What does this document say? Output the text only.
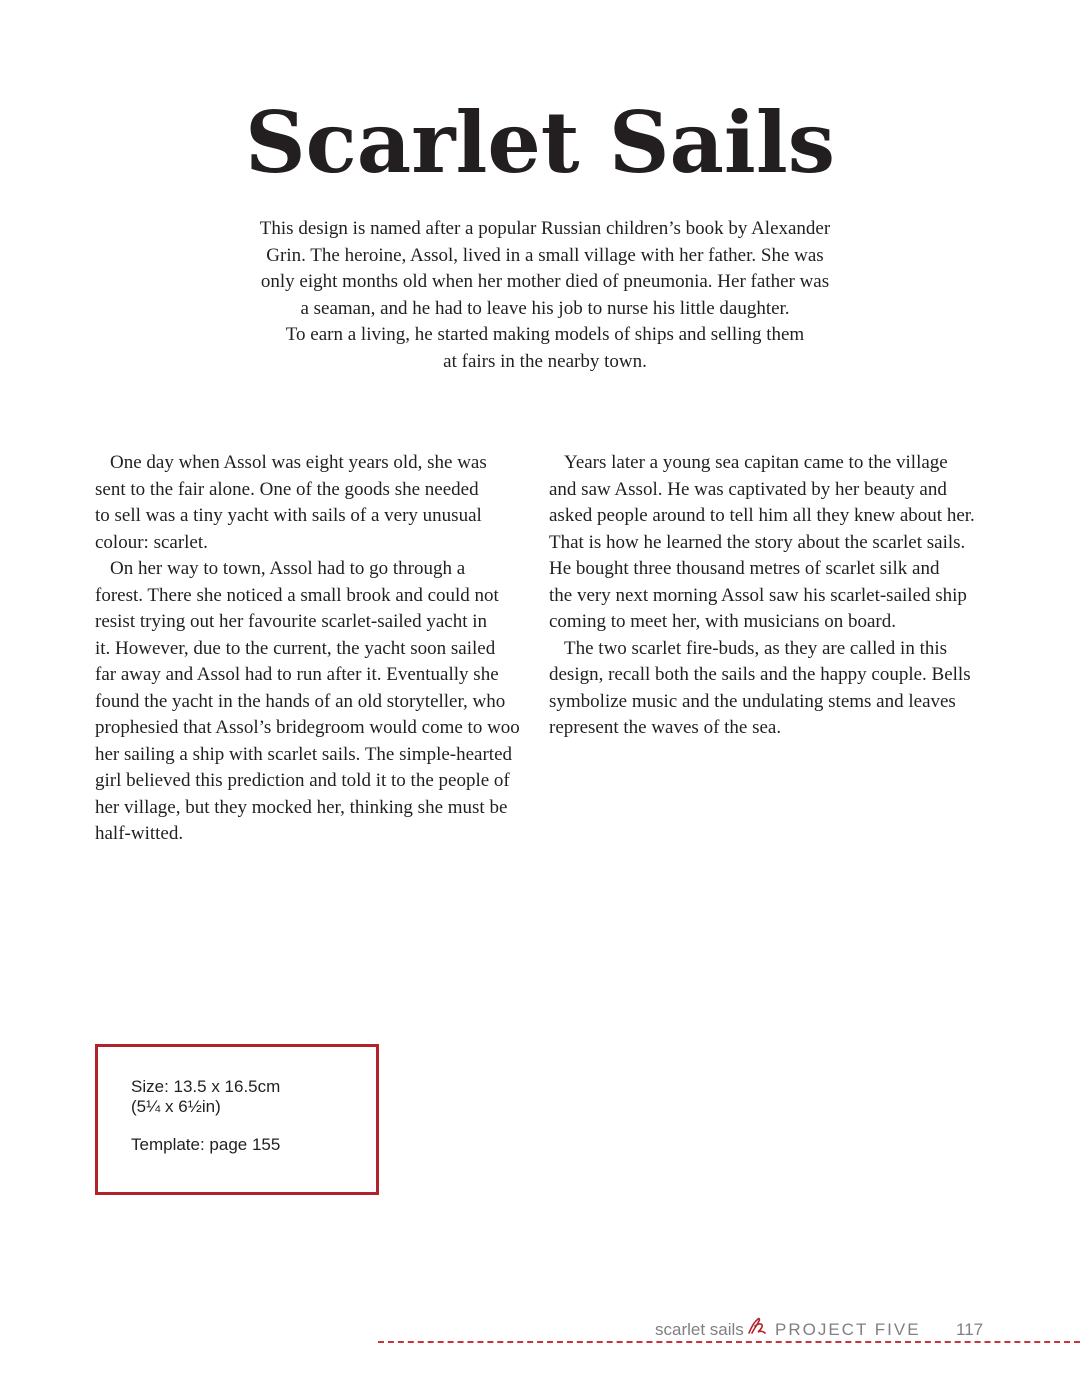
Scarlet Sails
This design is named after a popular Russian children’s book by Alexander
Grin. The heroine, Assol, lived in a small village with her father. She was
only eight months old when her mother died of pneumonia. Her father was
a seaman, and he had to leave his job to nurse his little daughter.
To earn a living, he started making models of ships and selling them
at fairs in the nearby town.
One day when Assol was eight years old, she was
sent to the fair alone. One of the goods she needed
to sell was a tiny yacht with sails of a very unusual
colour: scarlet.
On her way to town, Assol had to go through a
forest. There she noticed a small brook and could not
resist trying out her favourite scarlet-sailed yacht in
it. However, due to the current, the yacht soon sailed
far away and Assol had to run after it. Eventually she
found the yacht in the hands of an old storyteller, who
prophesied that Assol’s bridegroom would come to woo
her sailing a ship with scarlet sails. The simple-hearted
girl believed this prediction and told it to the people of
her village, but they mocked her, thinking she must be
half-witted.
Years later a young sea capitan came to the village
and saw Assol. He was captivated by her beauty and
asked people around to tell him all they knew about her.
That is how he learned the story about the scarlet sails.
He bought three thousand metres of scarlet silk and
the very next morning Assol saw his scarlet-sailed ship
coming to meet her, with musicians on board.
The two scarlet fire-buds, as they are called in this
design, recall both the sails and the happy couple. Bells
symbolize music and the undulating stems and leaves
represent the waves of the sea.
Size: 13.5 x 16.5cm
(5¼ x 6½in)
Template: page 155
scarlet sails PROJECT FIVE 117
